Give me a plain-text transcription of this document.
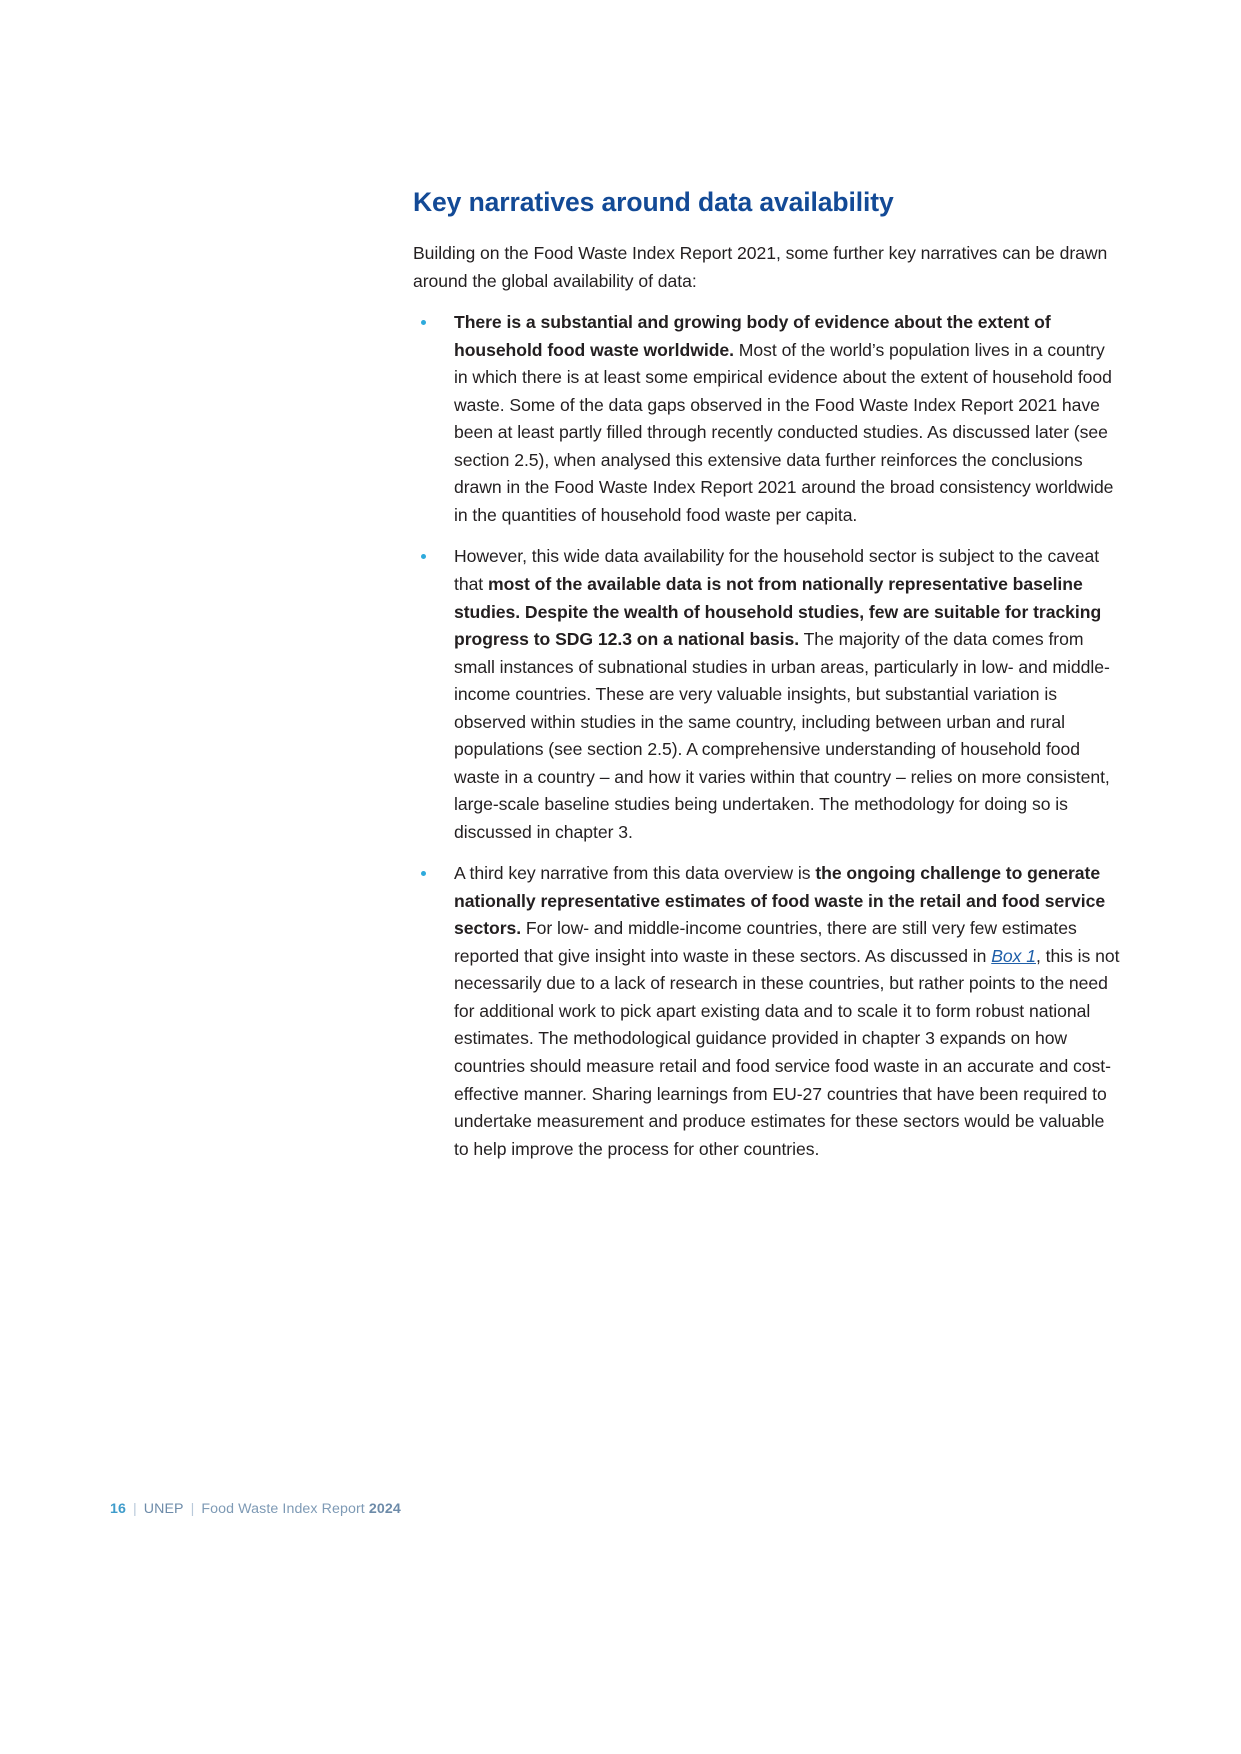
Key narratives around data availability

Building on the Food Waste Index Report 2021, some further key narratives can be drawn around the global availability of data:

There is a substantial and growing body of evidence about the extent of household food waste worldwide. Most of the world’s population lives in a country in which there is at least some empirical evidence about the extent of household food waste. Some of the data gaps observed in the Food Waste Index Report 2021 have been at least partly filled through recently conducted studies. As discussed later (see section 2.5), when analysed this extensive data further reinforces the conclusions drawn in the Food Waste Index Report 2021 around the broad consistency worldwide in the quantities of household food waste per capita.
However, this wide data availability for the household sector is subject to the caveat that most of the available data is not from nationally representative baseline studies. Despite the wealth of household studies, few are suitable for tracking progress to SDG 12.3 on a national basis. The majority of the data comes from small instances of subnational studies in urban areas, particularly in low- and middle-income countries. These are very valuable insights, but substantial variation is observed within studies in the same country, including between urban and rural populations (see section 2.5). A comprehensive understanding of household food waste in a country – and how it varies within that country – relies on more consistent, large-scale baseline studies being undertaken. The methodology for doing so is discussed in chapter 3.
A third key narrative from this data overview is the ongoing challenge to generate nationally representative estimates of food waste in the retail and food service sectors. For low- and middle-income countries, there are still very few estimates reported that give insight into waste in these sectors. As discussed in Box 1, this is not necessarily due to a lack of research in these countries, but rather points to the need for additional work to pick apart existing data and to scale it to form robust national estimates. The methodological guidance provided in chapter 3 expands on how countries should measure retail and food service food waste in an accurate and cost-effective manner. Sharing learnings from EU-27 countries that have been required to undertake measurement and produce estimates for these sectors would be valuable to help improve the process for other countries.
16 | UNEP | Food Waste Index Report 2024
